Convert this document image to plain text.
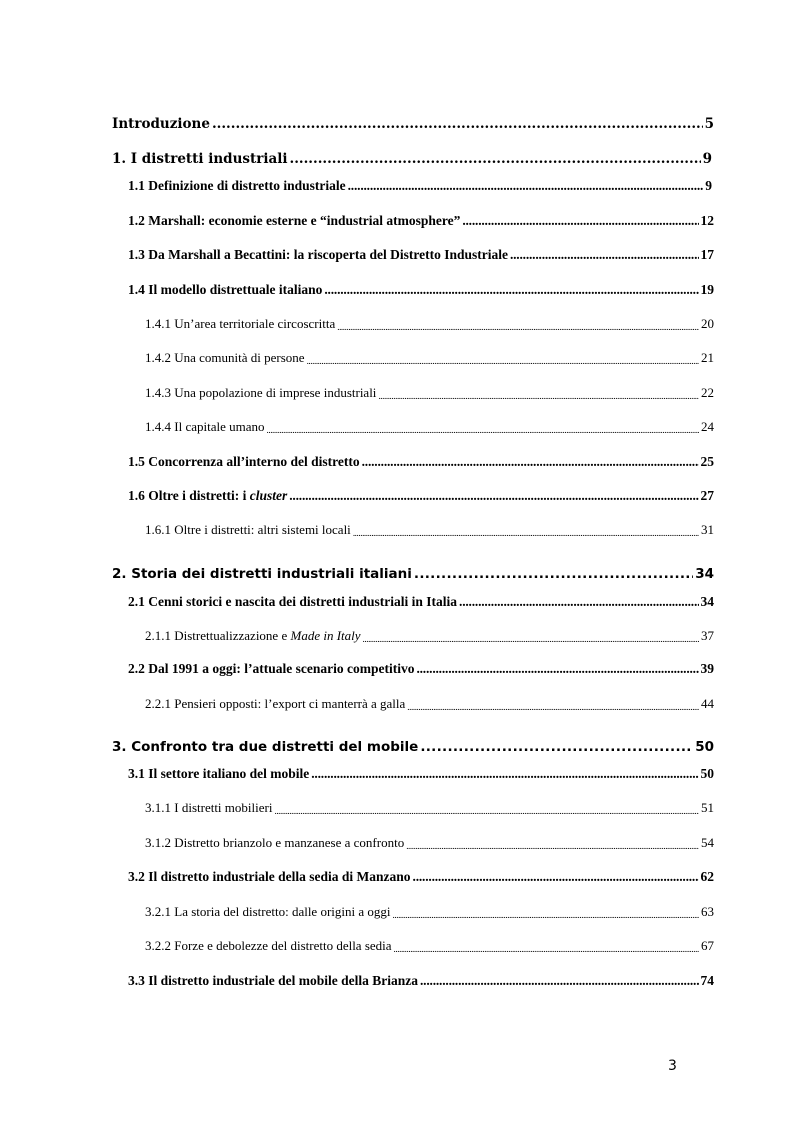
Introduzione .....	5
1. I distretti industriali .....	9
1.1 Definizione di distretto industriale .....	9
1.2 Marshall: economie esterne e “industrial atmosphere” .....	12
1.3 Da Marshall a Becattini: la riscoperta del Distretto Industriale .....	17
1.4 Il modello distrettuale italiano .....	19
1.4.1 Un’area territoriale circoscritta .....	20
1.4.2 Una comunità di persone .....	21
1.4.3 Una popolazione di imprese industriali .....	22
1.4.4 Il capitale umano .....	24
1.5 Concorrenza all’interno del distretto .....	25
1.6 Oltre i distretti: i cluster .....	27
1.6.1 Oltre i distretti: altri sistemi locali .....	31
2. Storia dei distretti industriali italiani .....	34
2.1 Cenni storici e nascita dei distretti industriali in Italia .....	34
2.1.1 Distrettualizzazione e Made in Italy .....	37
2.2 Dal 1991 a oggi: l’attuale scenario competitivo .....	39
2.2.1 Pensieri opposti: l’export ci manterrà a galla .....	44
3. Confronto tra due distretti del mobile .....	50
3.1 Il settore italiano del mobile .....	50
3.1.1 I distretti mobilieri .....	51
3.1.2 Distretto brianzolo e manzanese a confronto .....	54
3.2 Il distretto industriale della sedia di Manzano .....	62
3.2.1 La storia del distretto: dalle origini a oggi .....	63
3.2.2 Forze e debolezze del distretto della sedia .....	67
3.3 Il distretto industriale del mobile della Brianza .....	74
3
